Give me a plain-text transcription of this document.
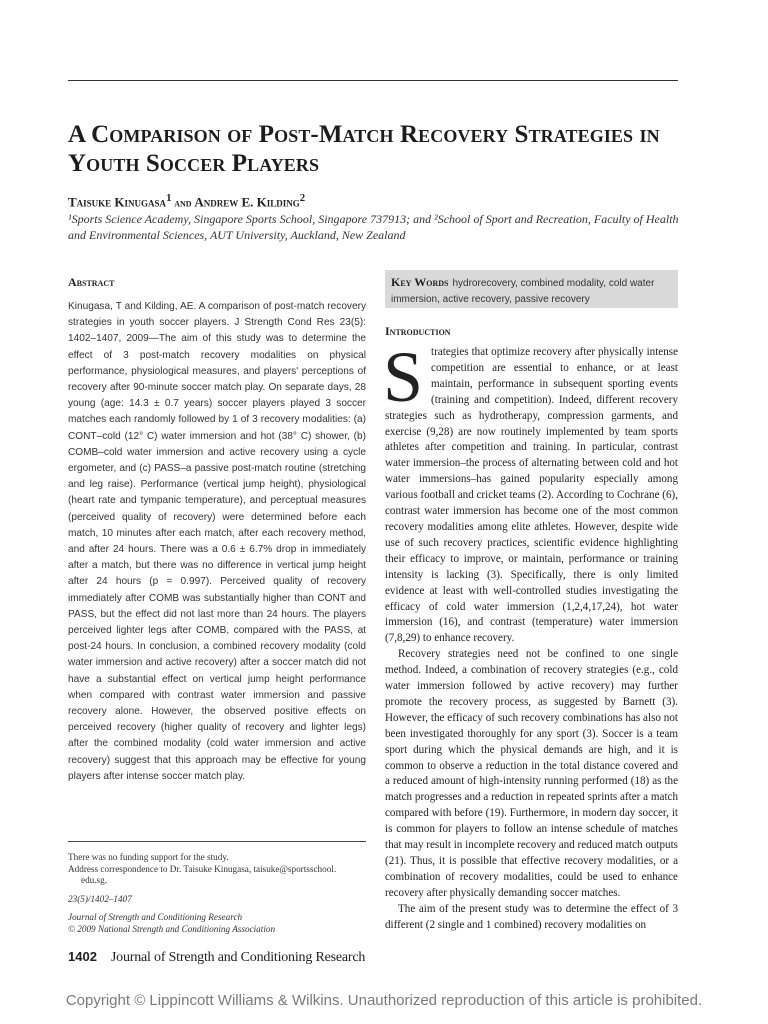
A Comparison of Post-Match Recovery Strategies in Youth Soccer Players
Taisuke Kinugasa$^1$ and Andrew E. Kilding$^2$
¹Sports Science Academy, Singapore Sports School, Singapore 737913; and ²School of Sport and Recreation, Faculty of Health and Environmental Sciences, AUT University, Auckland, New Zealand
Abstract
Kinugasa, T and Kilding, AE. A comparison of post-match recovery strategies in youth soccer players. J Strength Cond Res 23(5): 1402–1407, 2009—The aim of this study was to determine the effect of 3 post-match recovery modalities on physical performance, physiological measures, and players' perceptions of recovery after 90-minute soccer match play. On separate days, 28 young (age: 14.3 ± 0.7 years) soccer players played 3 soccer matches each randomly followed by 1 of 3 recovery modalities: (a) CONT–cold (12° C) water immersion and hot (38° C) shower, (b) COMB–cold water immersion and active recovery using a cycle ergometer, and (c) PASS–a passive post-match routine (stretching and leg raise). Performance (vertical jump height), physiological (heart rate and tympanic temperature), and perceptual measures (perceived quality of recovery) were determined before each match, 10 minutes after each match, after each recovery method, and after 24 hours. There was a 0.6 ± 6.7% drop in immediately after a match, but there was no difference in vertical jump height after 24 hours (p = 0.997). Perceived quality of recovery immediately after COMB was substantially higher than CONT and PASS, but the effect did not last more than 24 hours. The players perceived lighter legs after COMB, compared with the PASS, at post-24 hours. In conclusion, a combined recovery modality (cold water immersion and active recovery) after a soccer match did not have a substantial effect on vertical jump height performance when compared with contrast water immersion and passive recovery alone. However, the observed positive effects on perceived recovery (higher quality of recovery and lighter legs) after the combined modality (cold water immersion and active recovery) suggest that this approach may be effective for young players after intense soccer match play.
There was no funding support for the study.
Address correspondence to Dr. Taisuke Kinugasa, taisuke@sportsschool.
edu.sg.
23(5)/1402–1407
Journal of Strength and Conditioning Research
© 2009 National Strength and Conditioning Association
Key Words hydrorecovery, combined modality, cold water immersion, active recovery, passive recovery
Introduction

Strategies that optimize recovery after physically intense competition are essential to enhance, or at least maintain, performance in subsequent sporting events (training and competition). Indeed, different recovery strategies such as hydrotherapy, compression garments, and exercise (9,28) are now routinely implemented by team sports athletes after competition and training. In particular, contrast water immersion–the process of alternating between cold and hot water immersions–has gained popularity especially among various football and cricket teams (2). According to Cochrane (6), contrast water immersion has become one of the most common recovery modalities among elite athletes. However, despite wide use of such recovery practices, scientific evidence highlighting their efficacy to improve, or maintain, performance or training intensity is lacking (3). Specifically, there is only limited evidence at least with well-controlled studies investigating the efficacy of cold water immersion (1,2,4,17,24), hot water immersion (16), and contrast (temperature) water immersion (7,8,29) to enhance recovery.

Recovery strategies need not be confined to one single method. Indeed, a combination of recovery strategies (e.g., cold water immersion followed by active recovery) may further promote the recovery process, as suggested by Barnett (3). However, the efficacy of such recovery combinations has also not been investigated thoroughly for any sport (3). Soccer is a team sport during which the physical demands are high, and it is common to observe a reduction in the total distance covered and a reduced amount of high-intensity running performed (18) as the match progresses and a reduction in repeated sprints after a match compared with before (19). Furthermore, in modern day soccer, it is common for players to follow an intense schedule of matches that may result in incomplete recovery and reduced match outputs (21). Thus, it is possible that effective recovery modalities, or a combination of recovery modalities, could be used to enhance recovery after physically demanding soccer matches.

The aim of the present study was to determine the effect of 3 different (2 single and 1 combined) recovery modalities on

1402 Journal of Strength and Conditioning Research
Copyright © Lippincott Williams & Wilkins. Unauthorized reproduction of this article is prohibited.
